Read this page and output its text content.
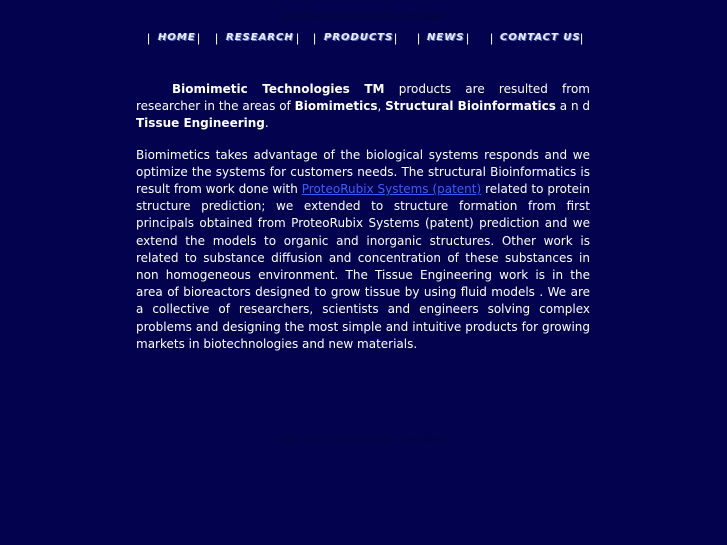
No flash player plugin installed
| HOME | | RESEARCH | | PRODUCTS | | NEWS | | CONTACT US |

Biomimetic Technologies TM products are resulted from researcher in the areas of Biomimetics, Structural Bioinformatics a n d Tissue Engineering.

Biomimetics takes advantage of the biological systems responds and we optimize the systems for customers needs. The structural Bioinformatics is result from work done with ProteoRubix Systems (patent) related to protein structure prediction; we extended to structure formation from first principals obtained from ProteoRubix Systems (patent) prediction and we extend the models to organic and inorganic structures. Other work is related to substance diffusion and concentration of these substances in non homogeneous environment. The Tissue Engineering work is in the area of bioreactors designed to grow tissue by using fluid models . We are a collective of researchers, scientists and engineers solving complex problems and designing the most simple and intuitive products for growing markets in biotechnologies and new materials.

No flash player plugin installed
